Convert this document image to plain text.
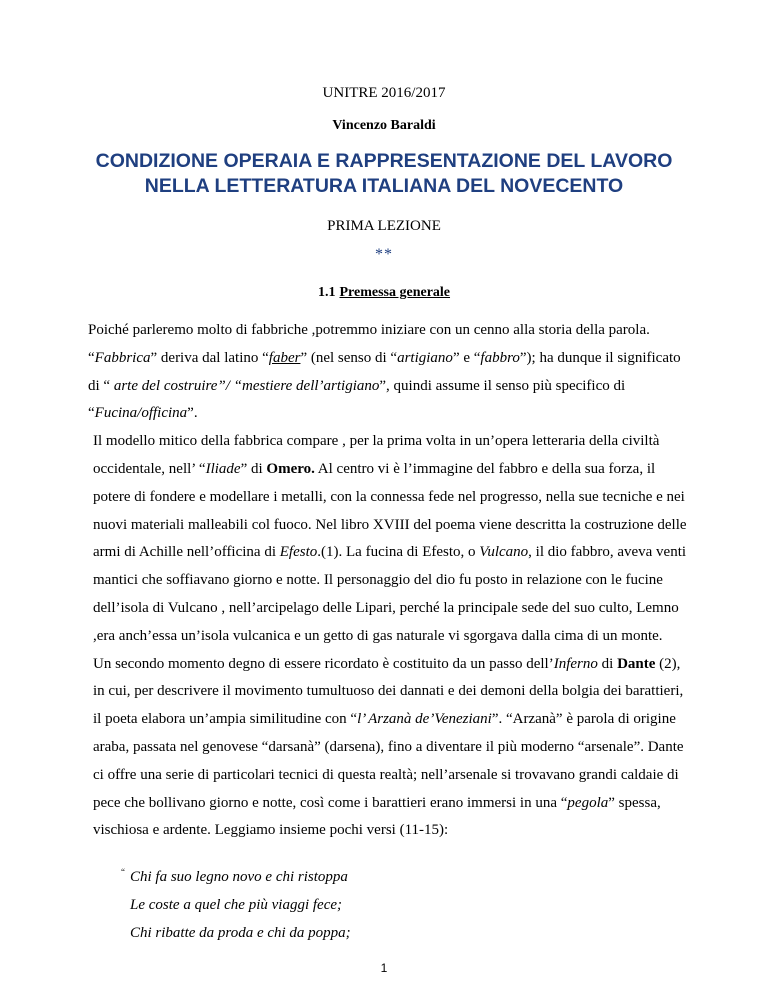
UNITRE 2016/2017
Vincenzo Baraldi
CONDIZIONE OPERAIA E RAPPRESENTAZIONE DEL LAVORO
NELLA LETTERATURA ITALIANA DEL NOVECENTO
PRIMA LEZIONE
**
1.1 Premessa generale

Poiché parleremo molto di fabbriche ,potremmo iniziare con un cenno alla storia della parola. “Fabbrica” deriva dal latino “faber” (nel senso di “artigiano” e “fabbro”); ha dunque il significato di “ arte del costruire”/ “mestiere dell’artigiano”, quindi assume il senso più specifico di “Fucina/officina”.

Il modello mitico della fabbrica compare , per la prima volta in un’opera letteraria della civiltà occidentale, nell’ “Iliade” di Omero. Al centro vi è l’immagine del fabbro e della sua forza, il potere di fondere e modellare i metalli, con la connessa fede nel progresso, nella sue tecniche e nei nuovi materiali malleabili col fuoco. Nel libro XVIII del poema viene descritta la costruzione delle armi di Achille nell’officina di Efesto.(1). La fucina di Efesto, o Vulcano, il dio fabbro, aveva venti mantici che soffiavano giorno e notte. Il personaggio del dio fu posto in relazione con le fucine dell’isola di Vulcano , nell’arcipelago delle Lipari, perché la principale sede del suo culto, Lemno ,era anch’essa un’isola vulcanica e un getto di gas naturale vi sgorgava dalla cima di un monte.

Un secondo momento degno di essere ricordato è costituito da un passo dell’Inferno di Dante (2), in cui, per descrivere il movimento tumultuoso dei dannati e dei demoni della bolgia dei barattieri, il poeta elabora un’ampia similitudine con “l’ Arzanà de’Veneziani”. “Arzanà” è parola di origine araba, passata nel genovese “darsanà” (darsena), fino a diventare il più moderno “arsenale”. Dante ci offre una serie di particolari tecnici di questa realtà; nell’arsenale si trovavano grandi caldaie di pece che bollivano giorno e notte, così come i barattieri erano immersi in una “pegola” spessa, vischiosa e ardente. Leggiamo insieme pochi versi (11-15):

“ Chi fa suo legno novo e chi ristoppa
Le coste a quel che più viaggi fece;
Chi ribatte da proda e chi da poppa;
1
